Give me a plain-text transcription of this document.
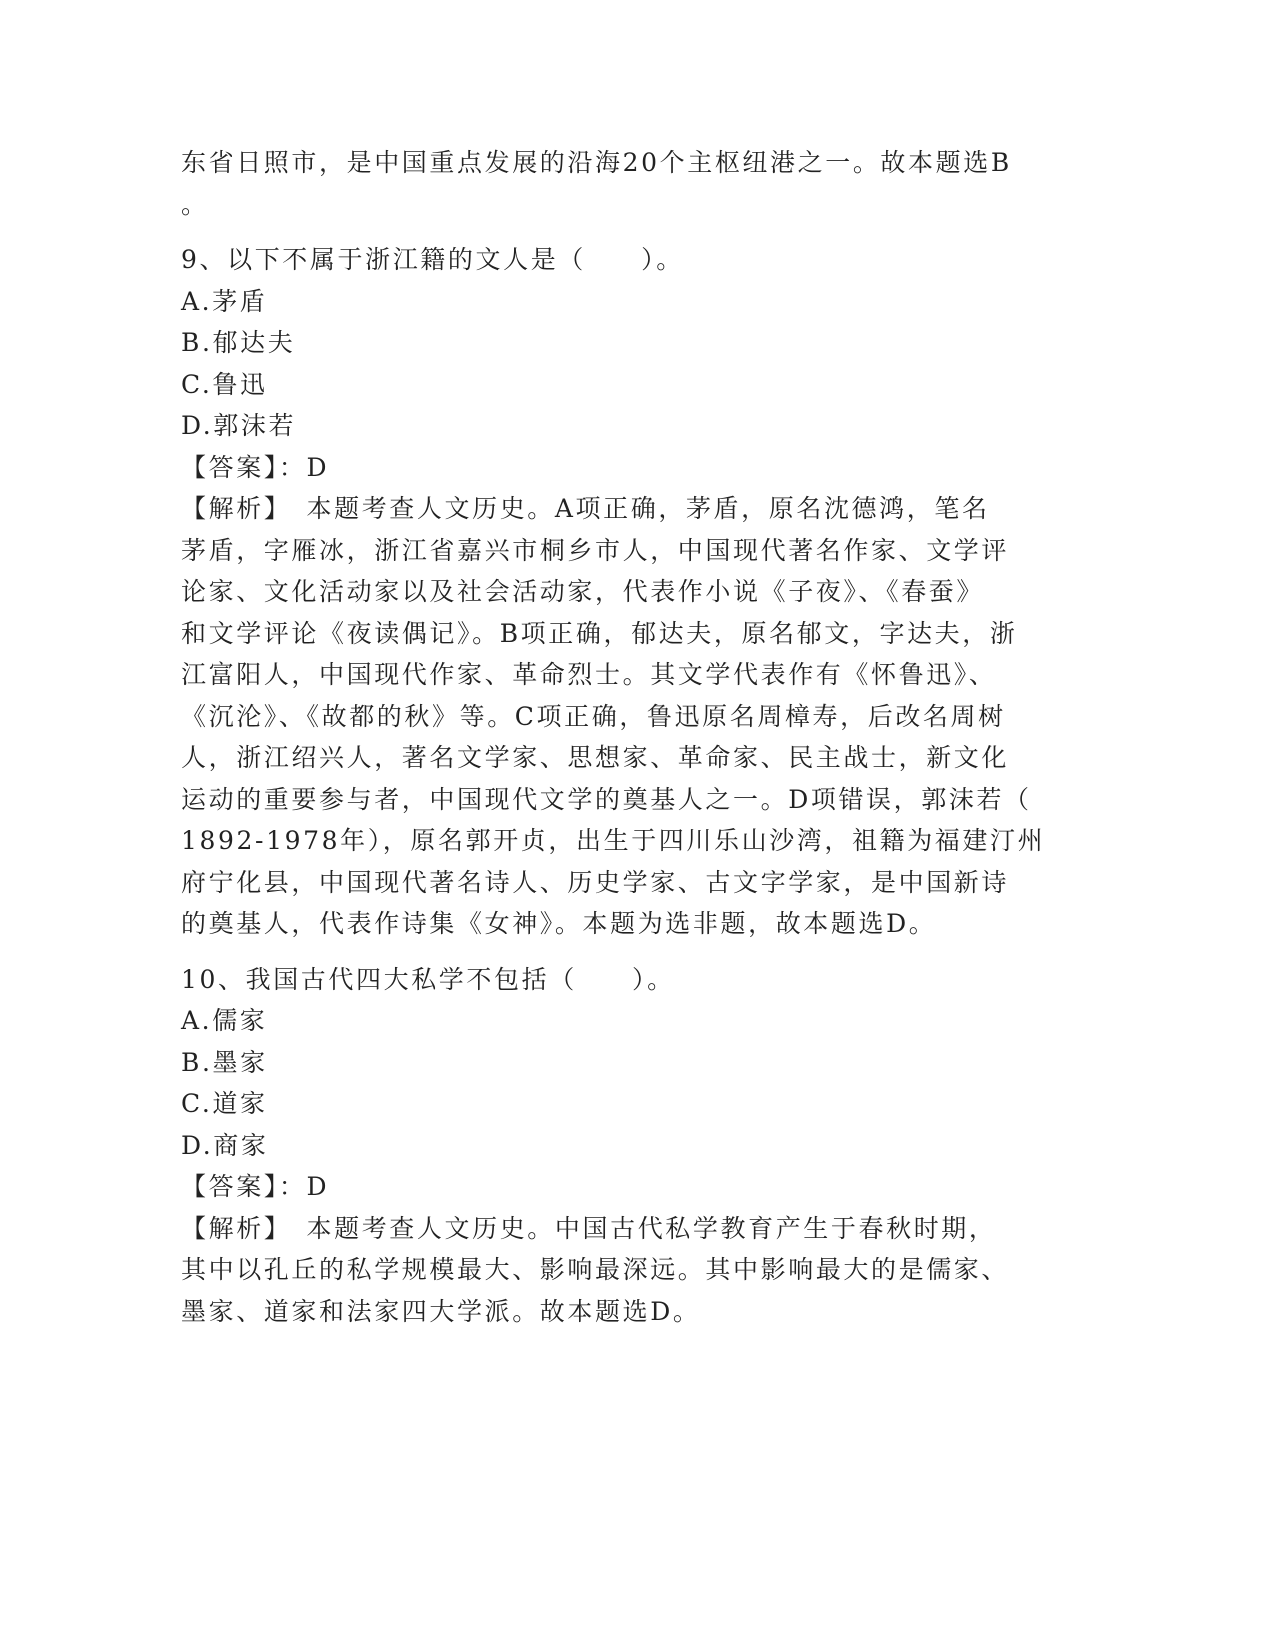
东省日照市，是中国重点发展的沿海20个主枢纽港之一。故本题选B
。
9、以下不属于浙江籍的文人是（　　）。
A.茅盾
B.郁达夫
C.鲁迅
D.郭沫若
【答案】：D
【解析】　本题考查人文历史。A项正确，茅盾，原名沈德鸿，笔名
茅盾，字雁冰，浙江省嘉兴市桐乡市人，中国现代著名作家、文学评
论家、文化活动家以及社会活动家，代表作小说《子夜》、《春蚕》
和文学评论《夜读偶记》。B项正确，郁达夫，原名郁文，字达夫，浙
江富阳人，中国现代作家、革命烈士。其文学代表作有《怀鲁迅》、
《沉沦》、《故都的秋》等。C项正确，鲁迅原名周樟寿，后改名周树
人，浙江绍兴人，著名文学家、思想家、革命家、民主战士，新文化
运动的重要参与者，中国现代文学的奠基人之一。D项错误，郭沫若（
1892-1978年），原名郭开贞，出生于四川乐山沙湾，祖籍为福建汀州
府宁化县，中国现代著名诗人、历史学家、古文字学家，是中国新诗
的奠基人，代表作诗集《女神》。本题为选非题，故本题选D。
10、我国古代四大私学不包括（　　）。
A.儒家
B.墨家
C.道家
D.商家
【答案】：D
【解析】　本题考查人文历史。中国古代私学教育产生于春秋时期，
其中以孔丘的私学规模最大、影响最深远。其中影响最大的是儒家、
墨家、道家和法家四大学派。故本题选D。
